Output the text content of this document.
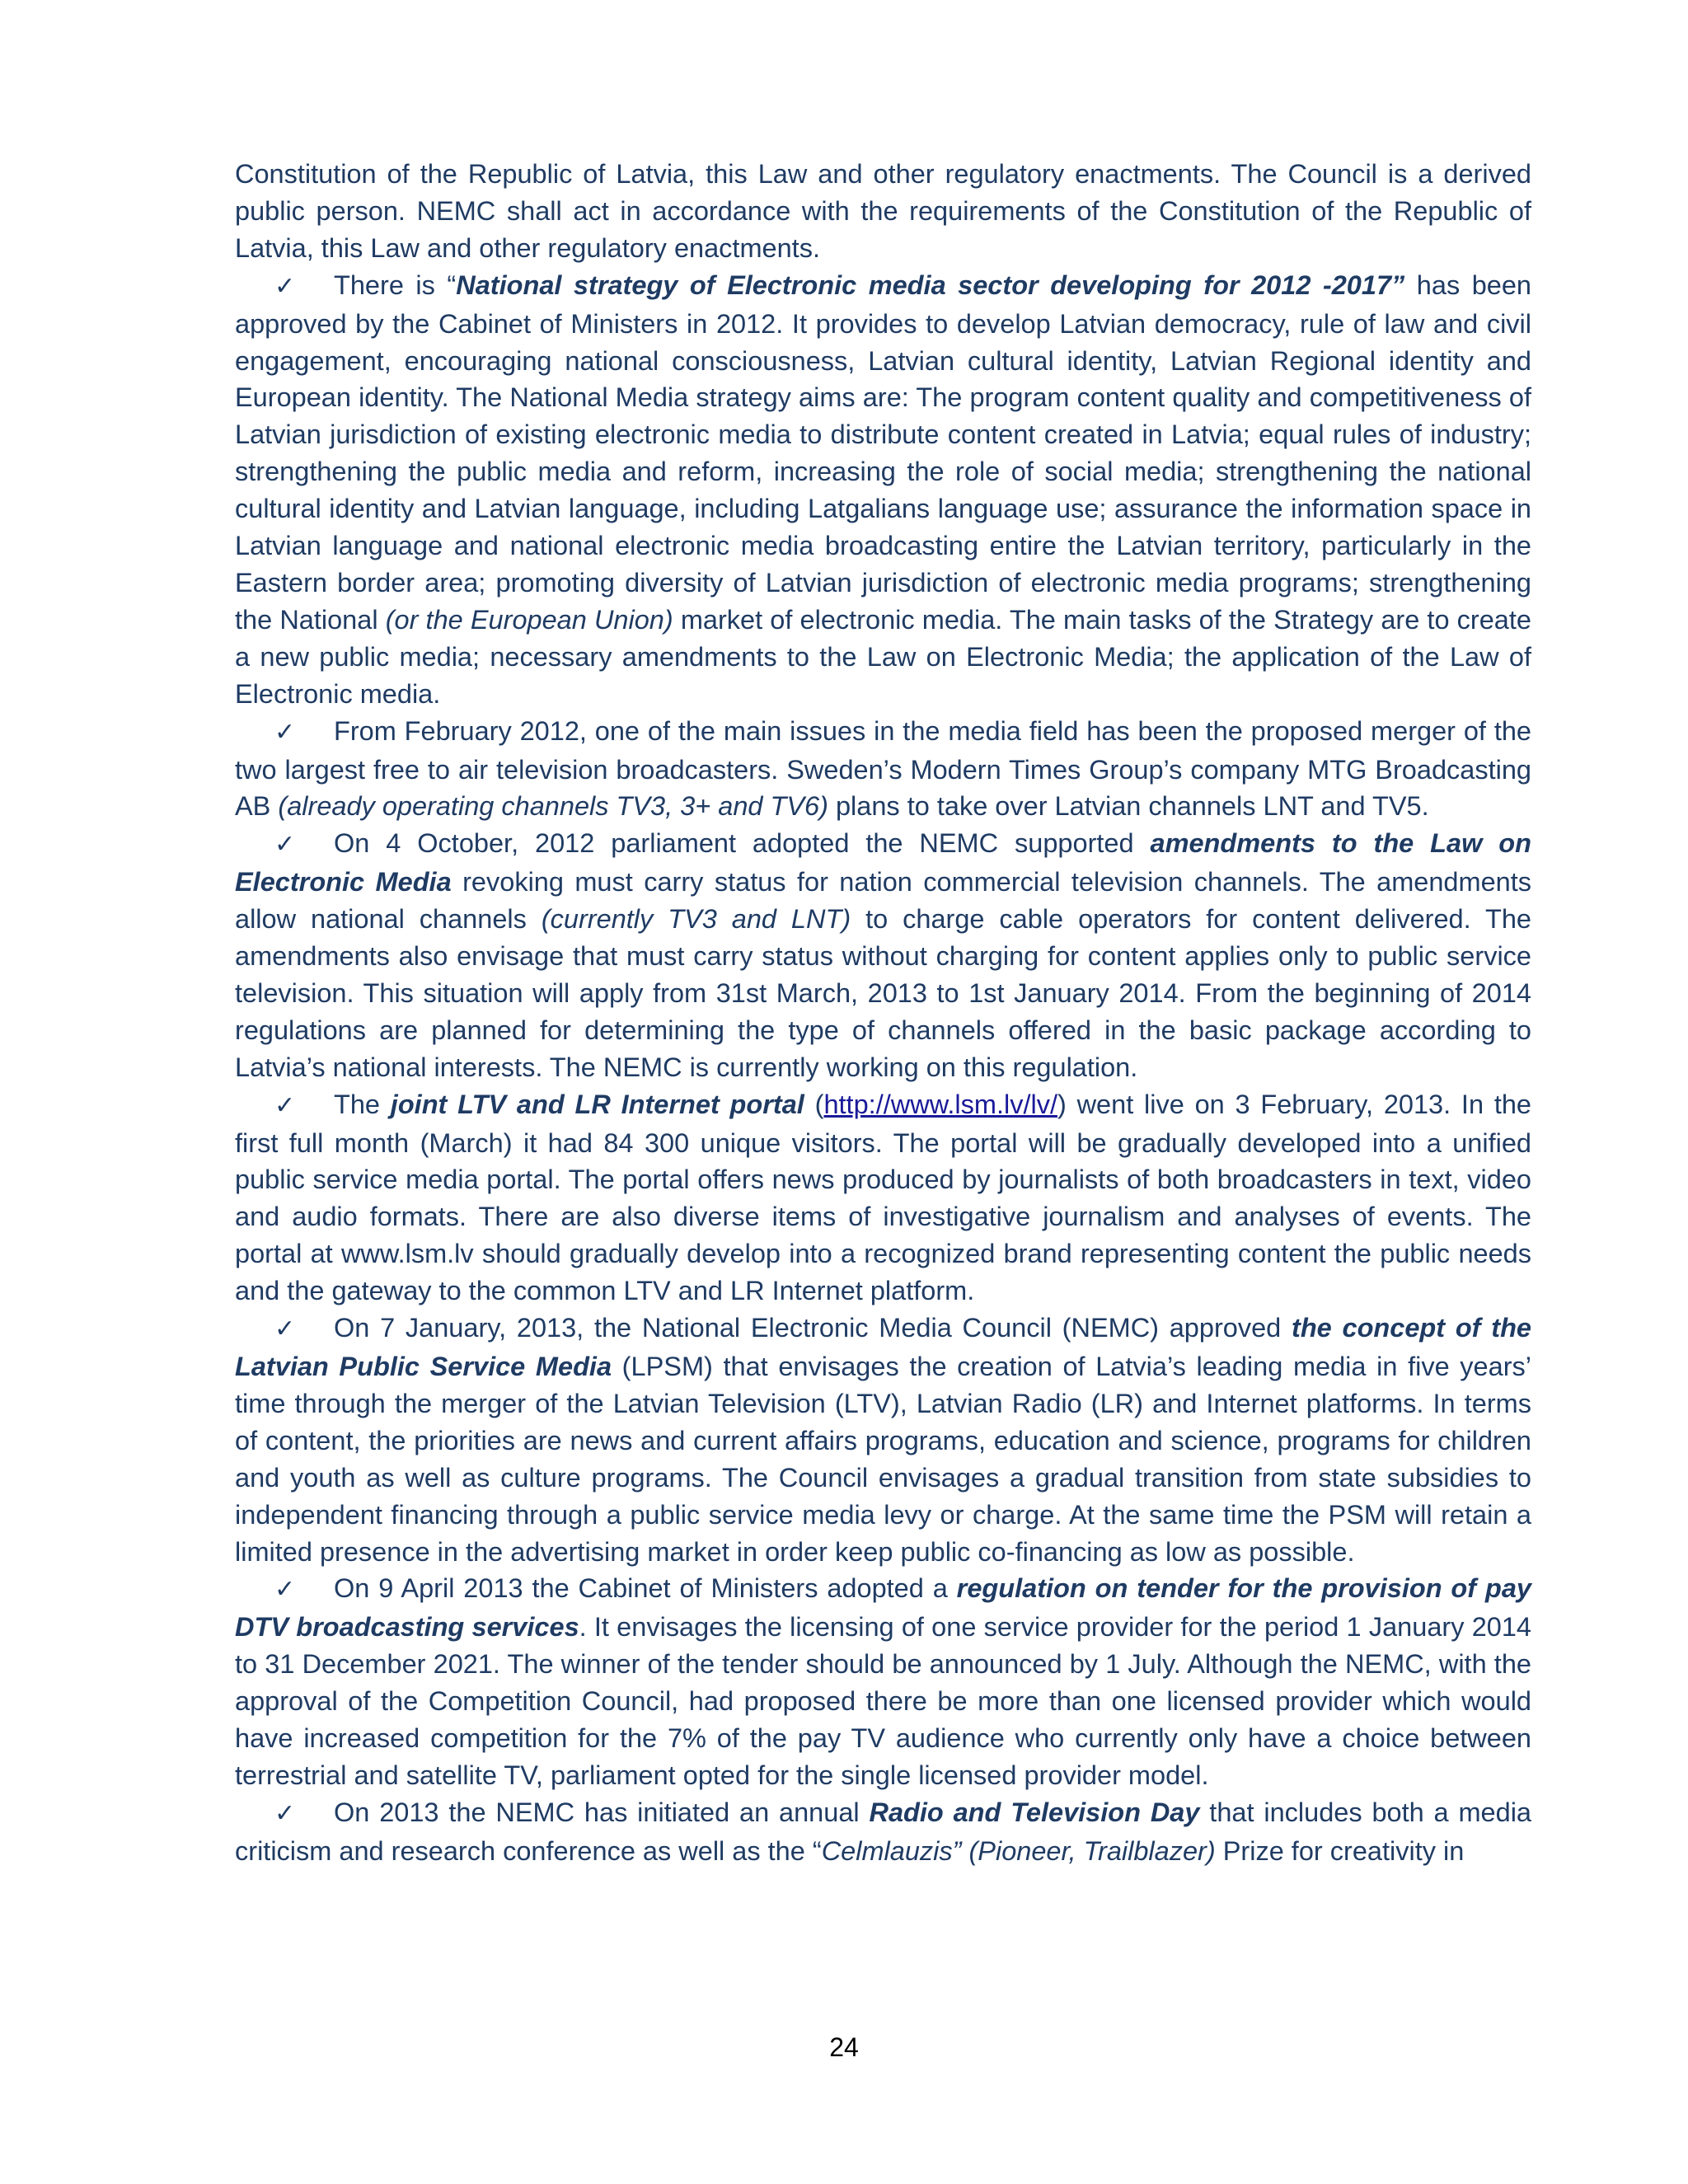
Constitution of the Republic of Latvia, this Law and other regulatory enactments. The Council is a derived public person. NEMC shall act in accordance with the requirements of the Constitution of the Republic of Latvia, this Law and other regulatory enactments.

✓ There is “National strategy of Electronic media sector developing for 2012 -2017” has been approved by the Cabinet of Ministers in 2012. It provides to develop Latvian democracy, rule of law and civil engagement, encouraging national consciousness, Latvian cultural identity, Latvian Regional identity and European identity. The National Media strategy aims are: The program content quality and competitiveness of Latvian jurisdiction of existing electronic media to distribute content created in Latvia; equal rules of industry; strengthening the public media and reform, increasing the role of social media; strengthening the national cultural identity and Latvian language, including Latgalians language use; assurance the information space in Latvian language and national electronic media broadcasting entire the Latvian territory, particularly in the Eastern border area; promoting diversity of Latvian jurisdiction of electronic media programs; strengthening the National (or the European Union) market of electronic media. The main tasks of the Strategy are to create a new public media; necessary amendments to the Law on Electronic Media; the application of the Law of Electronic media.

✓ From February 2012, one of the main issues in the media field has been the proposed merger of the two largest free to air television broadcasters. Sweden’s Modern Times Group’s company MTG Broadcasting AB (already operating channels TV3, 3+ and TV6) plans to take over Latvian channels LNT and TV5.

✓ On 4 October, 2012 parliament adopted the NEMC supported amendments to the Law on Electronic Media revoking must carry status for nation commercial television channels. The amendments allow national channels (currently TV3 and LNT) to charge cable operators for content delivered. The amendments also envisage that must carry status without charging for content applies only to public service television. This situation will apply from 31st March, 2013 to 1st January 2014. From the beginning of 2014 regulations are planned for determining the type of channels offered in the basic package according to Latvia’s national interests. The NEMC is currently working on this regulation.

✓ The joint LTV and LR Internet portal (http://www.lsm.lv/lv/) went live on 3 February, 2013. In the first full month (March) it had 84 300 unique visitors. The portal will be gradually developed into a unified public service media portal. The portal offers news produced by journalists of both broadcasters in text, video and audio formats. There are also diverse items of investigative journalism and analyses of events. The portal at www.lsm.lv should gradually develop into a recognized brand representing content the public needs and the gateway to the common LTV and LR Internet platform.

✓ On 7 January, 2013, the National Electronic Media Council (NEMC) approved the concept of the Latvian Public Service Media (LPSM) that envisages the creation of Latvia’s leading media in five years’ time through the merger of the Latvian Television (LTV), Latvian Radio (LR) and Internet platforms. In terms of content, the priorities are news and current affairs programs, education and science, programs for children and youth as well as culture programs. The Council envisages a gradual transition from state subsidies to independent financing through a public service media levy or charge. At the same time the PSM will retain a limited presence in the advertising market in order keep public co-financing as low as possible.

✓ On 9 April 2013 the Cabinet of Ministers adopted a regulation on tender for the provision of pay DTV broadcasting services. It envisages the licensing of one service provider for the period 1 January 2014 to 31 December 2021. The winner of the tender should be announced by 1 July. Although the NEMC, with the approval of the Competition Council, had proposed there be more than one licensed provider which would have increased competition for the 7% of the pay TV audience who currently only have a choice between terrestrial and satellite TV, parliament opted for the single licensed provider model.

✓ On 2013 the NEMC has initiated an annual Radio and Television Day that includes both a media criticism and research conference as well as the “Celmlauzis” (Pioneer, Trailblazer) Prize for creativity in

24
